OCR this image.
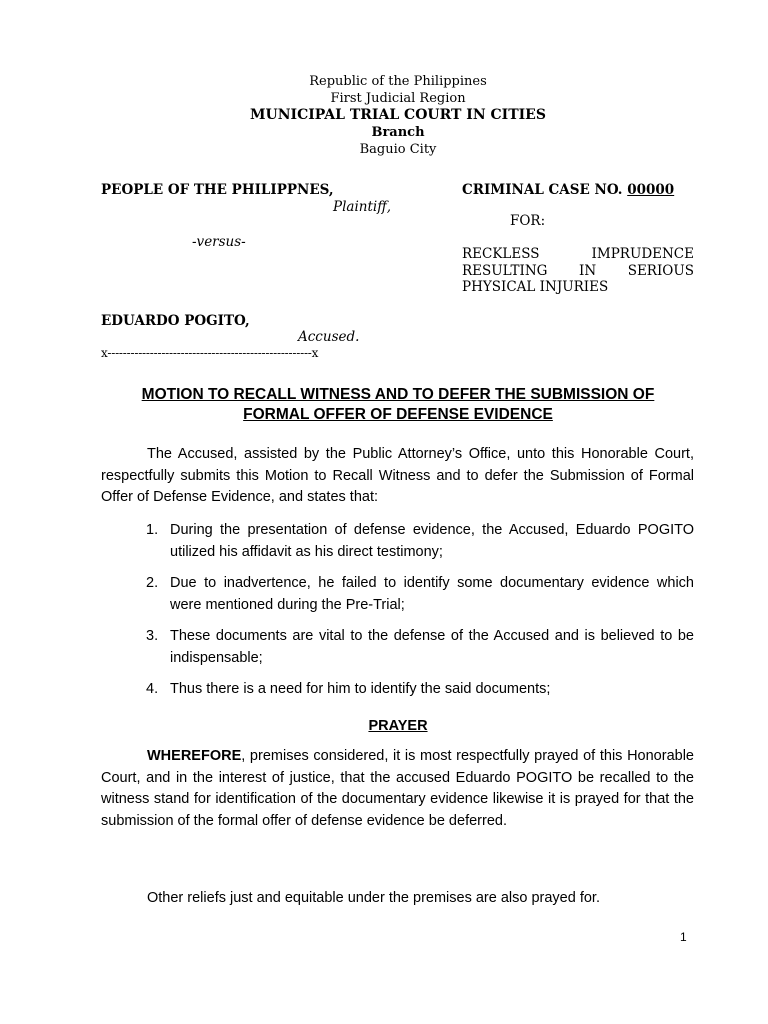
Republic of the Philippines
First Judicial Region
MUNICIPAL TRIAL COURT IN CITIES
Branch
Baguio City
PEOPLE OF THE PHILIPPNES,
Plaintiff,
-versus-
EDUARDO POGITO,
Accused.
CRIMINAL CASE NO. 00000
FOR:
RECKLESS IMPRUDENCE
RESULTING IN SERIOUS
PHYSICAL INJURIES
x-----------------------------------------------------x
MOTION TO RECALL WITNESS AND TO DEFER THE SUBMISSION OF
FORMAL OFFER OF DEFENSE EVIDENCE
The Accused, assisted by the Public Attorney’s Office, unto this Honorable Court, respectfully submits this Motion to Recall Witness and to defer the Submission of Formal Offer of Defense Evidence, and states that:
1. During the presentation of defense evidence, the Accused, Eduardo POGITO utilized his affidavit as his direct testimony;
2. Due to inadvertence, he failed to identify some documentary evidence which were mentioned during the Pre-Trial;
3. These documents are vital to the defense of the Accused and is believed to be indispensable;
4. Thus there is a need for him to identify the said documents;
PRAYER
WHEREFORE, premises considered, it is most respectfully prayed of this Honorable Court, and in the interest of justice, that the accused Eduardo POGITO be recalled to the witness stand for identification of the documentary evidence likewise it is prayed for that the submission of the formal offer of defense evidence be deferred.
Other reliefs just and equitable under the premises are also prayed for.
1
